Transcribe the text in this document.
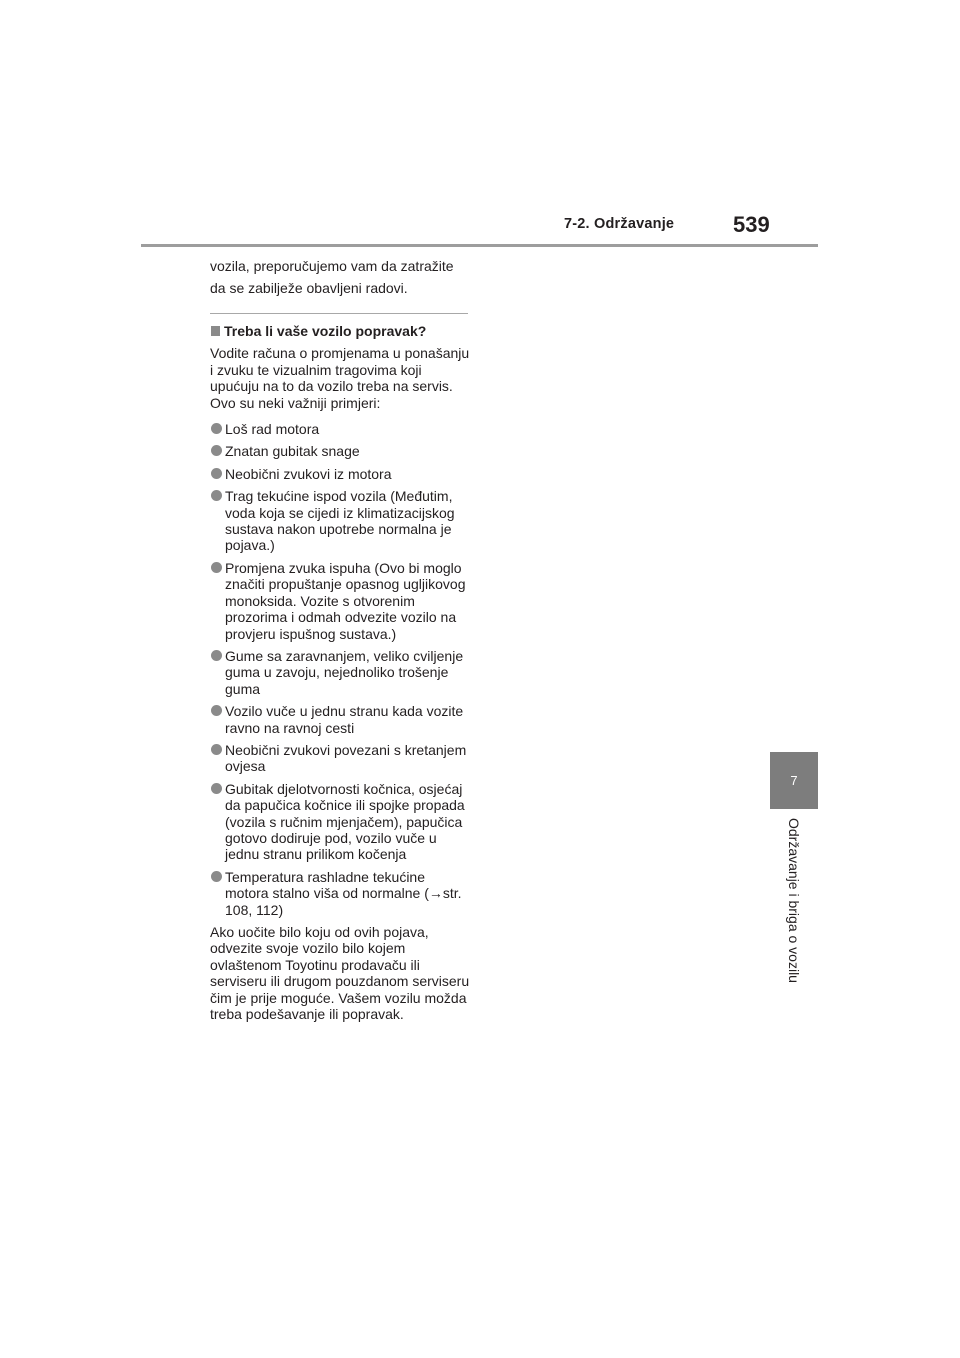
7-2. Održavanje	539

vozila, preporučujemo vam da zatražite

da se zabilježe obavljeni radovi.

Treba li vaše vozilo popravak?

Vodite računa o promjenama u ponašanju i zvuku te vizualnim tragovima koji upućuju na to da vozilo treba na servis. Ovo su neki važniji primjeri:

Loš rad motora
Znatan gubitak snage
Neobični zvukovi iz motora
Trag tekućine ispod vozila (Međutim, voda koja se cijedi iz klimatizacijskog sustava nakon upotrebe normalna je pojava.)
Promjena zvuka ispuha (Ovo bi moglo značiti propuštanje opasnog ugljikovog monoksida. Vozite s otvorenim prozorima i odmah odvezite vozilo na provjeru ispušnog sustava.)
Gume sa zaravnanjem, veliko cviljenje guma u zavoju, nejednoliko trošenje guma
Vozilo vuče u jednu stranu kada vozite ravno na ravnoj cesti
Neobični zvukovi povezani s kretanjem ovjesa
Gubitak djelotvornosti kočnica, osjećaj da papučica kočnice ili spojke propada (vozila s ručnim mjenjačem), papučica gotovo dodiruje pod, vozilo vuče u jednu stranu prilikom kočenja
Temperatura rashladne tekućine motora stalno viša od normalne (→str. 108, 112)

Ako uočite bilo koju od ovih pojava, odvezite svoje vozilo bilo kojem ovlaštenom Toyotinu prodavaču ili serviseru ili drugom pouzdanom serviseru čim je prije moguće. Vašem vozilu možda treba podešavanje ili popravak.

7
Održavanje i briga o vozilu
